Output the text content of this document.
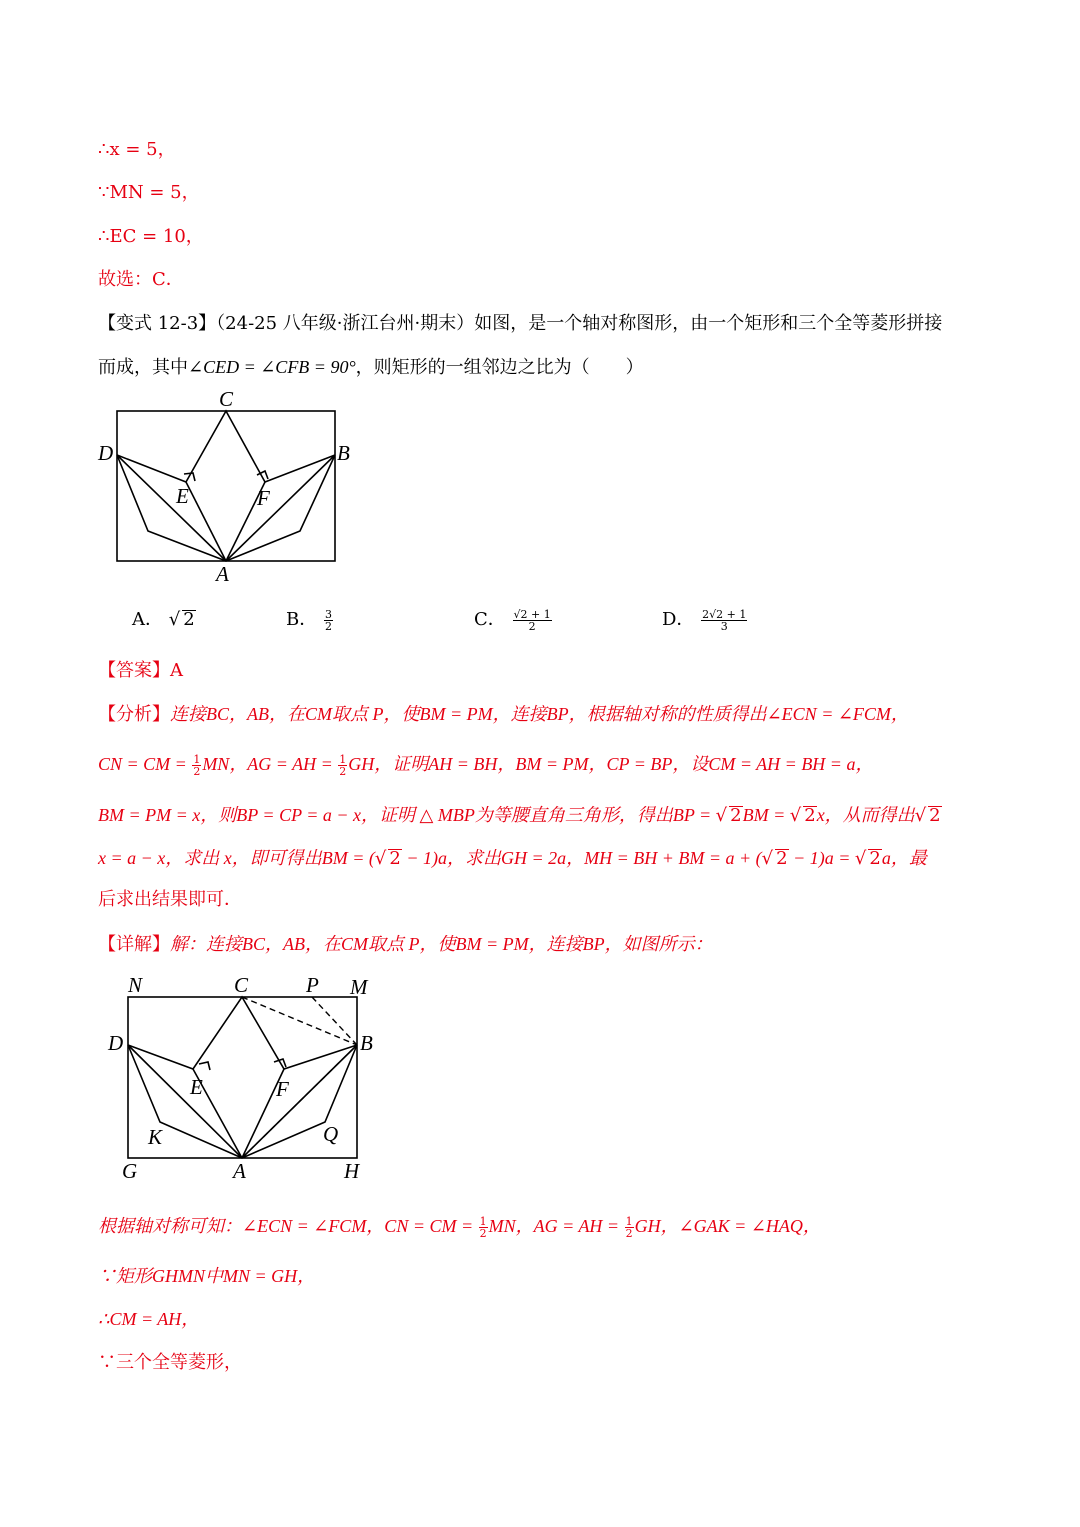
∴x = 5，
∵MN = 5，
∴EC = 10，
故选：C．
【变式 12-3】（24-25 八年级·浙江台州·期末）如图，是一个轴对称图形，由一个矩形和三个全等菱形拼接
而成，其中∠CED = ∠CFB = 90°，则矩形的一组邻边之比为（　　）
C
D	B
E	F
A
A． √ 2	B． $\frac{3}{2}$	C． $\frac{√2 + 1}{2}$	D． $\frac{2√2 + 1}{3}$
【答案】A
【分析】连接BC，AB，在CM取点 P，使BM = PM，连接BP，根据轴对称的性质得出∠ECN = ∠FCM，
CN = CM = $\frac{1}{2}$ MN，AG = AH = $\frac{1}{2}$ GH，证明AH = BH，BM = PM，CP = BP，设CM = AH = BH = a，
BM = PM = x，则BP = CP = a − x，证明 △ MBP为等腰直角三角形，得出BP = √ 2BM = √ 2x，从而得出√ 2
x = a − x，求出 x，即可得出BM = (√ 2 − 1)a，求出GH = 2a，MH = BH + BM = a + (√ 2 − 1)a = √ 2a，最
后求出结果即可．
【详解】解：连接BC，AB，在CM取点 P，使BM = PM，连接BP，如图所示：
N	C	P M
D	B
E	F
K	Q
G	A	H
根据轴对称可知：∠ECN = ∠FCM，CN = CM = $\frac{1}{2}$ MN，AG = AH = $\frac{1}{2}$ GH，∠GAK = ∠HAQ，
∵矩形GHMN中MN = GH，
∴CM = AH，
∵三个全等菱形，
